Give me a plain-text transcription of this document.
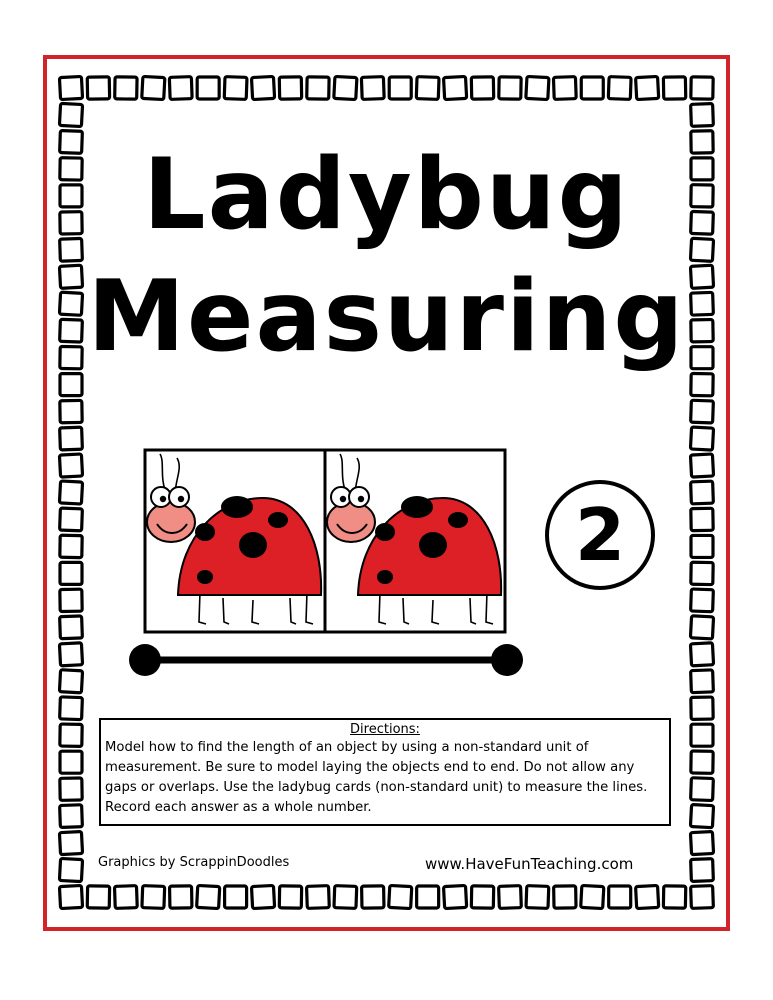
Ladybug
Measuring
2
Directions:
Model how to find the length of an object by using a non-standard unit of measurement. Be sure to model laying the objects end to end. Do not allow any gaps or overlaps. Use the ladybug cards (non-standard unit) to measure the lines. Record each answer as a whole number.
Graphics by ScrappinDoodles	www.HaveFunTeaching.com
